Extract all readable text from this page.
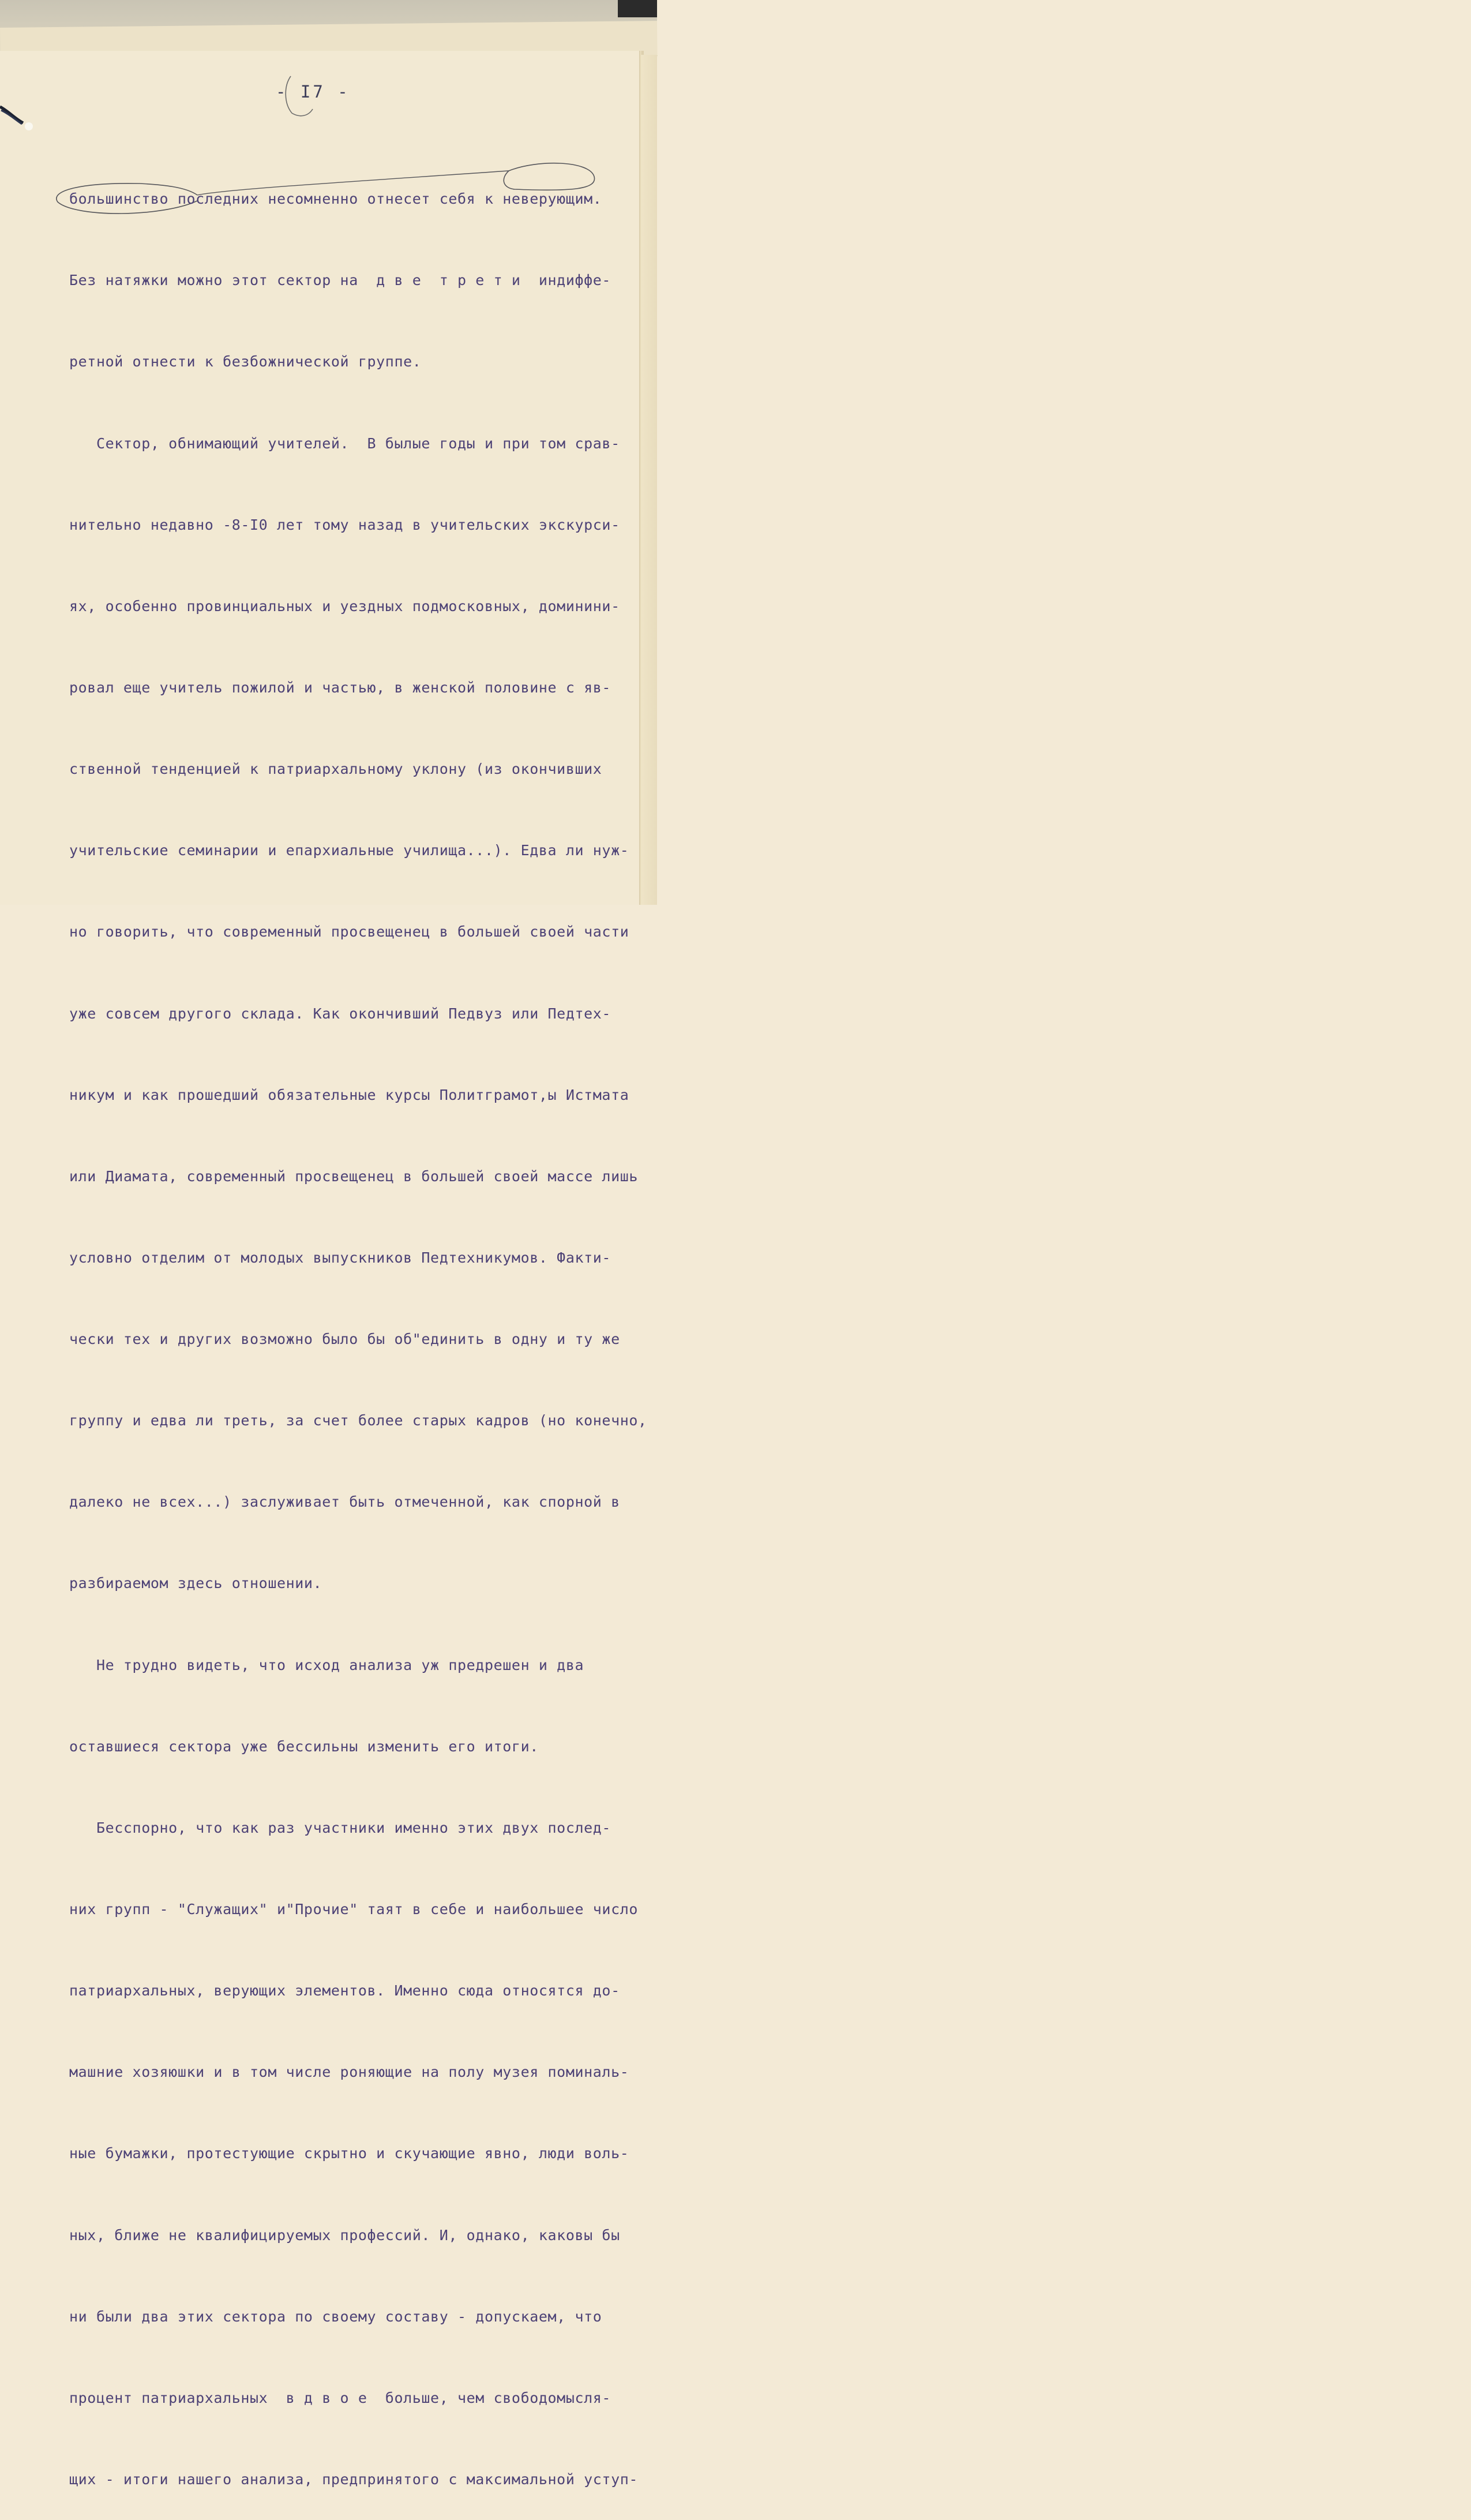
- I7 -

большинство последних несомненно отнесет себя к неверующим.

Без натяжки можно этот сектор на  д в е  т р е т и  индиффе-

ретной отнести к безбожнической группе.

Сектор, обнимающий учителей.  В былые годы и при том срав-

нительно недавно -8-I0 лет тому назад в учительских экскурси-

ях, особенно провинциальных и уездных подмосковных, доминини-

ровал еще учитель пожилой и частью, в женской половине с яв-

ственной тенденцией к патриархальному уклону (из окончивших

учительские семинарии и епархиальные училища...). Едва ли нуж-

но говорить, что современный просвещенец в большей своей части

уже совсем другого склада. Как окончивший Педвуз или Педтех-

никум и как прошедший обязательные курсы Политграмот,ы Истмата

или Диамата, современный просвещенец в большей своей массе лишь

условно отделим от молодых выпускников Педтехникумов. Факти-

чески тех и других возможно было бы об"единить в одну и ту же

группу и едва ли треть, за счет более старых кадров (но конечно,

далеко не всех...) заслуживает быть отмеченной, как спорной в

разбираемом здесь отношении.

Не трудно видеть, что исход анализа уж предрешен и два

оставшиеся сектора уже бессильны изменить его итоги.

Бесспорно, что как раз участники именно этих двух послед-

них групп - "Служащих" и"Прочие" таят в себе и наибольшее число

патриархальных, верующих элементов. Именно сюда относятся до-

машние хозяюшки и в том числе роняющие на полу музея поминаль-

ные бумажки, протестующие скрытно и скучающие явно, люди воль-

ных, ближе не квалифицируемых профессий. И, однако, каковы бы

ни были два этих сектора по своему составу - допускаем, что

процент патриархальных  в д в о е  больше, чем свободомысля-

щих - итоги нашего анализа, предпринятого с максимальной уступ-
